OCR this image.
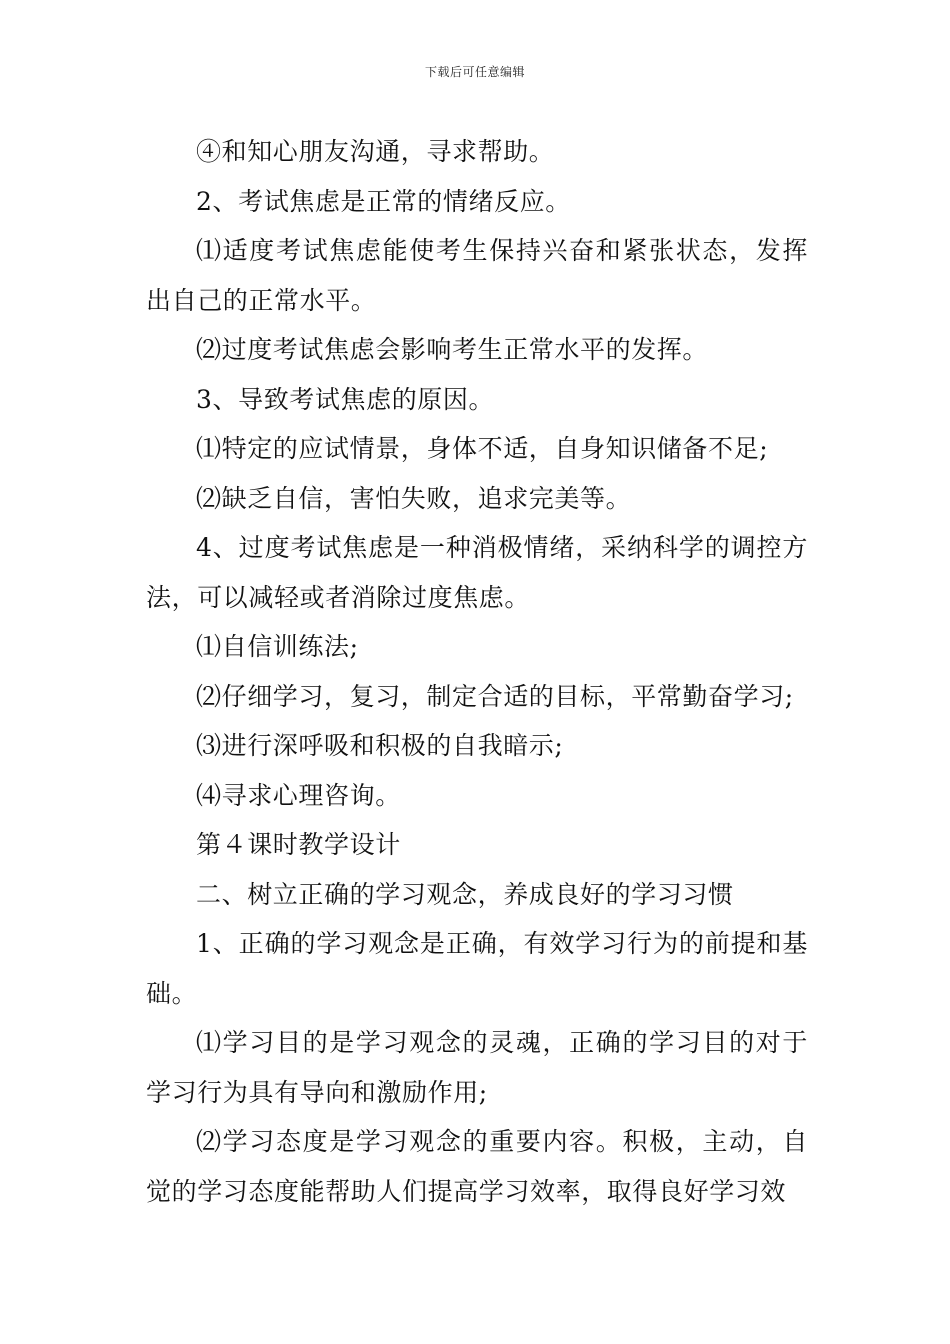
下载后可任意编辑

④和知心朋友沟通，寻求帮助。

2、考试焦虑是正常的情绪反应。

⑴适度考试焦虑能使考生保持兴奋和紧张状态，发挥出自己的正常水平。

⑵过度考试焦虑会影响考生正常水平的发挥。

3、导致考试焦虑的原因。

⑴特定的应试情景，身体不适，自身知识储备不足;

⑵缺乏自信，害怕失败，追求完美等。

4、过度考试焦虑是一种消极情绪，采纳科学的调控方法，可以减轻或者消除过度焦虑。

⑴自信训练法;

⑵仔细学习，复习，制定合适的目标，平常勤奋学习;

⑶进行深呼吸和积极的自我暗示;

⑷寻求心理咨询。

第４课时教学设计

二、树立正确的学习观念，养成良好的学习习惯

1、正确的学习观念是正确，有效学习行为的前提和基础。

⑴学习目的是学习观念的灵魂，正确的学习目的对于学习行为具有导向和激励作用;

⑵学习态度是学习观念的重要内容。积极，主动，自觉的学习态度能帮助人们提高学习效率，取得良好学习效
